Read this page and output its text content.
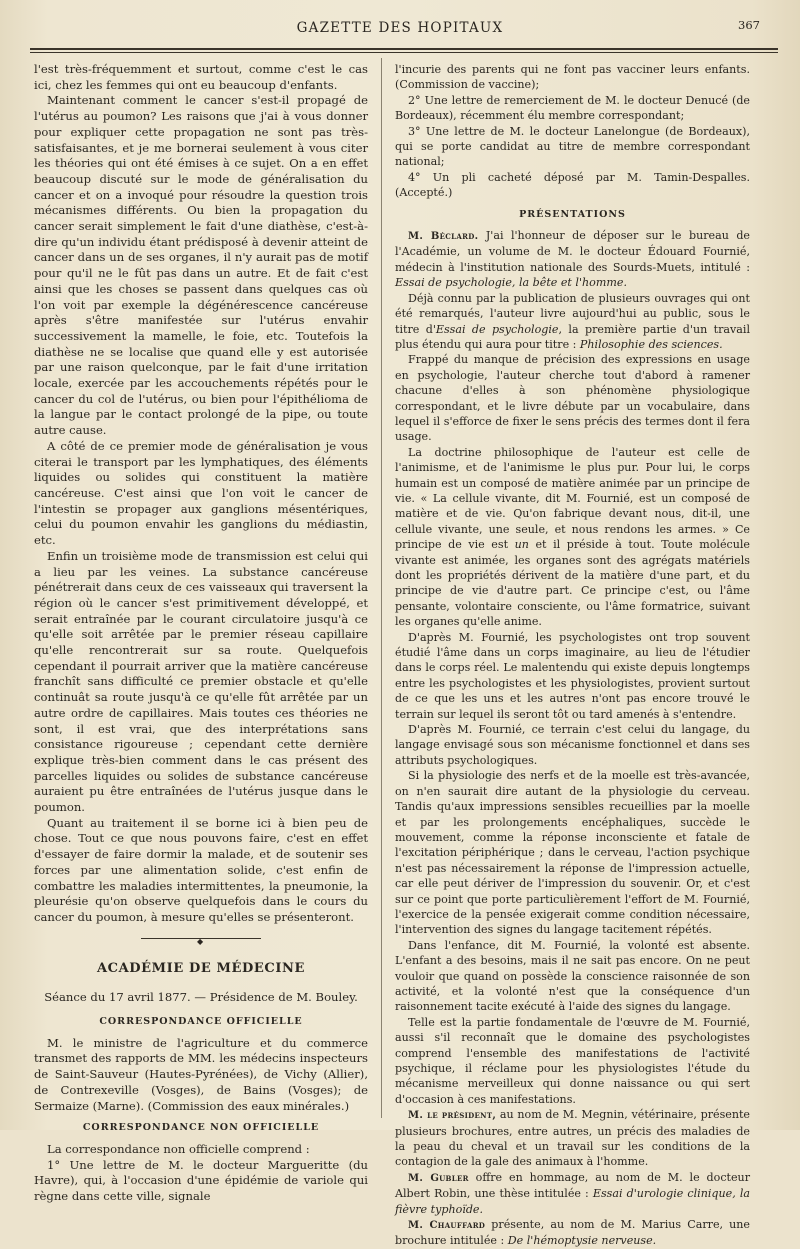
GAZETTE DES HOPITAUX	367

l'est très-fréquemment et surtout, comme c'est le cas ici, chez les femmes qui ont eu beaucoup d'enfants.

Maintenant comment le cancer s'est-il propagé de l'utérus au poumon? Les raisons que j'ai à vous donner pour expliquer cette propagation ne sont pas très-satisfaisantes, et je me bornerai seulement à vous citer les théories qui ont été émises à ce sujet. On a en effet beaucoup discuté sur le mode de généralisation du cancer et on a invoqué pour résoudre la question trois mécanismes différents. Ou bien la propagation du cancer serait simplement le fait d'une diathèse, c'est-à-dire qu'un individu étant prédisposé à devenir atteint de cancer dans un de ses organes, il n'y aurait pas de motif pour qu'il ne le fût pas dans un autre. Et de fait c'est ainsi que les choses se passent dans quelques cas où l'on voit par exemple la dégénérescence cancéreuse après s'être manifestée sur l'utérus envahir successivement la mamelle, le foie, etc. Toutefois la diathèse ne se localise que quand elle y est autorisée par une raison quelconque, par le fait d'une irritation locale, exercée par les accouchements répétés pour le cancer du col de l'utérus, ou bien pour l'épithélioma de la langue par le contact prolongé de la pipe, ou toute autre cause.

A côté de ce premier mode de généralisation je vous citerai le transport par les lymphatiques, des éléments liquides ou solides qui constituent la matière cancéreuse. C'est ainsi que l'on voit le cancer de l'intestin se propager aux ganglions mésentériques, celui du poumon envahir les ganglions du médiastin, etc.

Enfin un troisième mode de transmission est celui qui a lieu par les veines. La substance cancéreuse pénétrerait dans ceux de ces vaisseaux qui traversent la région où le cancer s'est primitivement développé, et serait entraînée par le courant circulatoire jusqu'à ce qu'elle soit arrêtée par le premier réseau capillaire qu'elle rencontrerait sur sa route. Quelquefois cependant il pourrait arriver que la matière cancéreuse franchît sans difficulté ce premier obstacle et qu'elle continuât sa route jusqu'à ce qu'elle fût arrêtée par un autre ordre de capillaires. Mais toutes ces théories ne sont, il est vrai, que des interprétations sans consistance rigoureuse ; cependant cette dernière explique très-bien comment dans le cas présent des parcelles liquides ou solides de substance cancéreuse auraient pu être entraînées de l'utérus jusque dans le poumon.

Quant au traitement il se borne ici à bien peu de chose. Tout ce que nous pouvons faire, c'est en effet d'essayer de faire dormir la malade, et de soutenir ses forces par une alimentation solide, c'est enfin de combattre les maladies intermittentes, la pneumonie, la pleurésie qu'on observe quelquefois dans le cours du cancer du poumon, à mesure qu'elles se présenteront.

◆
ACADÉMIE DE MÉDECINE
Séance du 17 avril 1877. — Présidence de M. Bouley.
CORRESPONDANCE OFFICIELLE

M. le ministre de l'agriculture et du commerce transmet des rapports de MM. les médecins inspecteurs de Saint-Sauveur (Hautes-Pyrénées), de Vichy (Allier), de Contrexeville (Vosges), de Bains (Vosges); de Sermaize (Marne). (Commission des eaux minérales.)

CORRESPONDANCE NON OFFICIELLE

La correspondance non officielle comprend :

1° Une lettre de M. le docteur Margueritte (du Havre), qui, à l'occasion d'une épidémie de variole qui règne dans cette ville, signale

l'incurie des parents qui ne font pas vacciner leurs enfants. (Commission de vaccine);

2° Une lettre de remerciement de M. le docteur Denucé (de Bordeaux), récemment élu membre correspondant;

3° Une lettre de M. le docteur Lanelongue (de Bordeaux), qui se porte candidat au titre de membre correspondant national;

4° Un pli cacheté déposé par M. Tamin-Despalles. (Accepté.)

PRÉSENTATIONS

M. Béclard. J'ai l'honneur de déposer sur le bureau de l'Académie, un volume de M. le docteur Édouard Fournié, médecin à l'institution nationale des Sourds-Muets, intitulé : Essai de psychologie, la bête et l'homme.

Déjà connu par la publication de plusieurs ouvrages qui ont été remarqués, l'auteur livre aujourd'hui au public, sous le titre d'Essai de psychologie, la première partie d'un travail plus étendu qui aura pour titre : Philosophie des sciences.

Frappé du manque de précision des expressions en usage en psychologie, l'auteur cherche tout d'abord à ramener chacune d'elles à son phénomène physiologique correspondant, et le livre débute par un vocabulaire, dans lequel il s'efforce de fixer le sens précis des termes dont il fera usage.

La doctrine philosophique de l'auteur est celle de l'animisme, et de l'animisme le plus pur. Pour lui, le corps humain est un composé de matière animée par un principe de vie. « La cellule vivante, dit M. Fournié, est un composé de matière et de vie. Qu'on fabrique devant nous, dit-il, une cellule vivante, une seule, et nous rendons les armes. » Ce principe de vie est un et il préside à tout. Toute molécule vivante est animée, les organes sont des agrégats matériels dont les propriétés dérivent de la matière d'une part, et du principe de vie d'autre part. Ce principe c'est, ou l'âme pensante, volontaire consciente, ou l'âme formatrice, suivant les organes qu'elle anime.

D'après M. Fournié, les psychologistes ont trop souvent étudié l'âme dans un corps imaginaire, au lieu de l'étudier dans le corps réel. Le malentendu qui existe depuis longtemps entre les psychologistes et les physiologistes, provient surtout de ce que les uns et les autres n'ont pas encore trouvé le terrain sur lequel ils seront tôt ou tard amenés à s'entendre.

D'après M. Fournié, ce terrain c'est celui du langage, du langage envisagé sous son mécanisme fonctionnel et dans ses attributs psychologiques.

Si la physiologie des nerfs et de la moelle est très-avancée, on n'en saurait dire autant de la physiologie du cerveau. Tandis qu'aux impressions sensibles recueillies par la moelle et par les prolongements encéphaliques, succède le mouvement, comme la réponse inconsciente et fatale de l'excitation périphérique ; dans le cerveau, l'action psychique n'est pas nécessairement la réponse de l'impression actuelle, car elle peut dériver de l'impression du souvenir. Or, et c'est sur ce point que porte particulièrement l'effort de M. Fournié, l'exercice de la pensée exigerait comme condition nécessaire, l'intervention des signes du langage tacitement répétés.

Dans l'enfance, dit M. Fournié, la volonté est absente. L'enfant a des besoins, mais il ne sait pas encore. On ne peut vouloir que quand on possède la conscience raisonnée de son activité, et la volonté n'est que la conséquence d'un raisonnement tacite exécuté à l'aide des signes du langage.

Telle est la partie fondamentale de l'œuvre de M. Fournié, aussi s'il reconnaît que le domaine des psychologistes comprend l'ensemble des manifestations de l'activité psychique, il réclame pour les physiologistes l'étude du mécanisme merveilleux qui donne naissance ou qui sert d'occasion à ces manifestations.

M. le président, au nom de M. Megnin, vétérinaire, présente plusieurs brochures, entre autres, un précis des maladies de la peau du cheval et un travail sur les conditions de la contagion de la gale des animaux à l'homme.

M. Gubler offre en hommage, au nom de M. le docteur Albert Robin, une thèse intitulée : Essai d'urologie clinique, la fièvre typhoïde.

M. Chauffard présente, au nom de M. Marius Carre, une brochure intitulée : De l'hémoptysie nerveuse.
